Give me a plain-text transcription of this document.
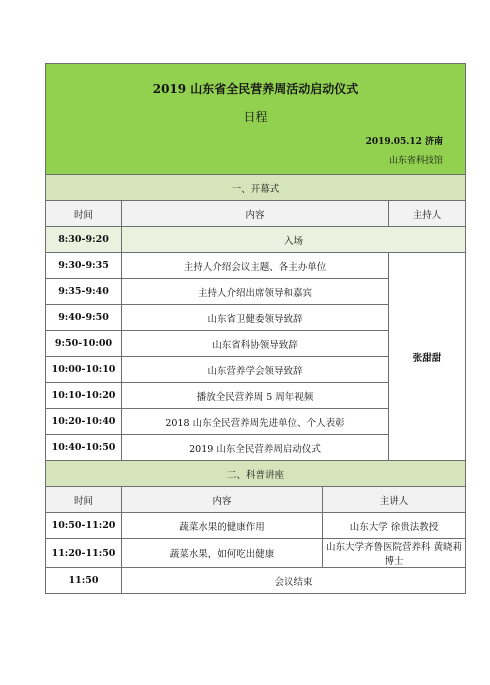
2019 山东省全民营养周活动启动仪式
日程
2019.05.12 济南
山东省科技馆			

一、开幕式			
时间	内容		主持人
8:30-9:20	入场		
9:30-9:35	主持人介绍会议主题、各主办单位		张甜甜
9:35-9:40	主持人介绍出席领导和嘉宾		
9:40-9:50	山东省卫健委领导致辞		
9:50-10:00	山东省科协领导致辞		
10:00-10:10	山东营养学会领导致辞		
10:10-10:20	播放全民营养周 5 周年视频		
10:20-10:40	2018 山东全民营养周先进单位、个人表彰		
10:40-10:50	2019 山东全民营养周启动仪式		
二、科普讲座			
时间	内容	主讲人	
10:50-11:20	蔬菜水果的健康作用	山东大学 徐贵法教授	
11:20-11:50	蔬菜水果，如何吃出健康	山东大学齐鲁医院营养科 黄晓莉博士	
11:50	会议结束		
